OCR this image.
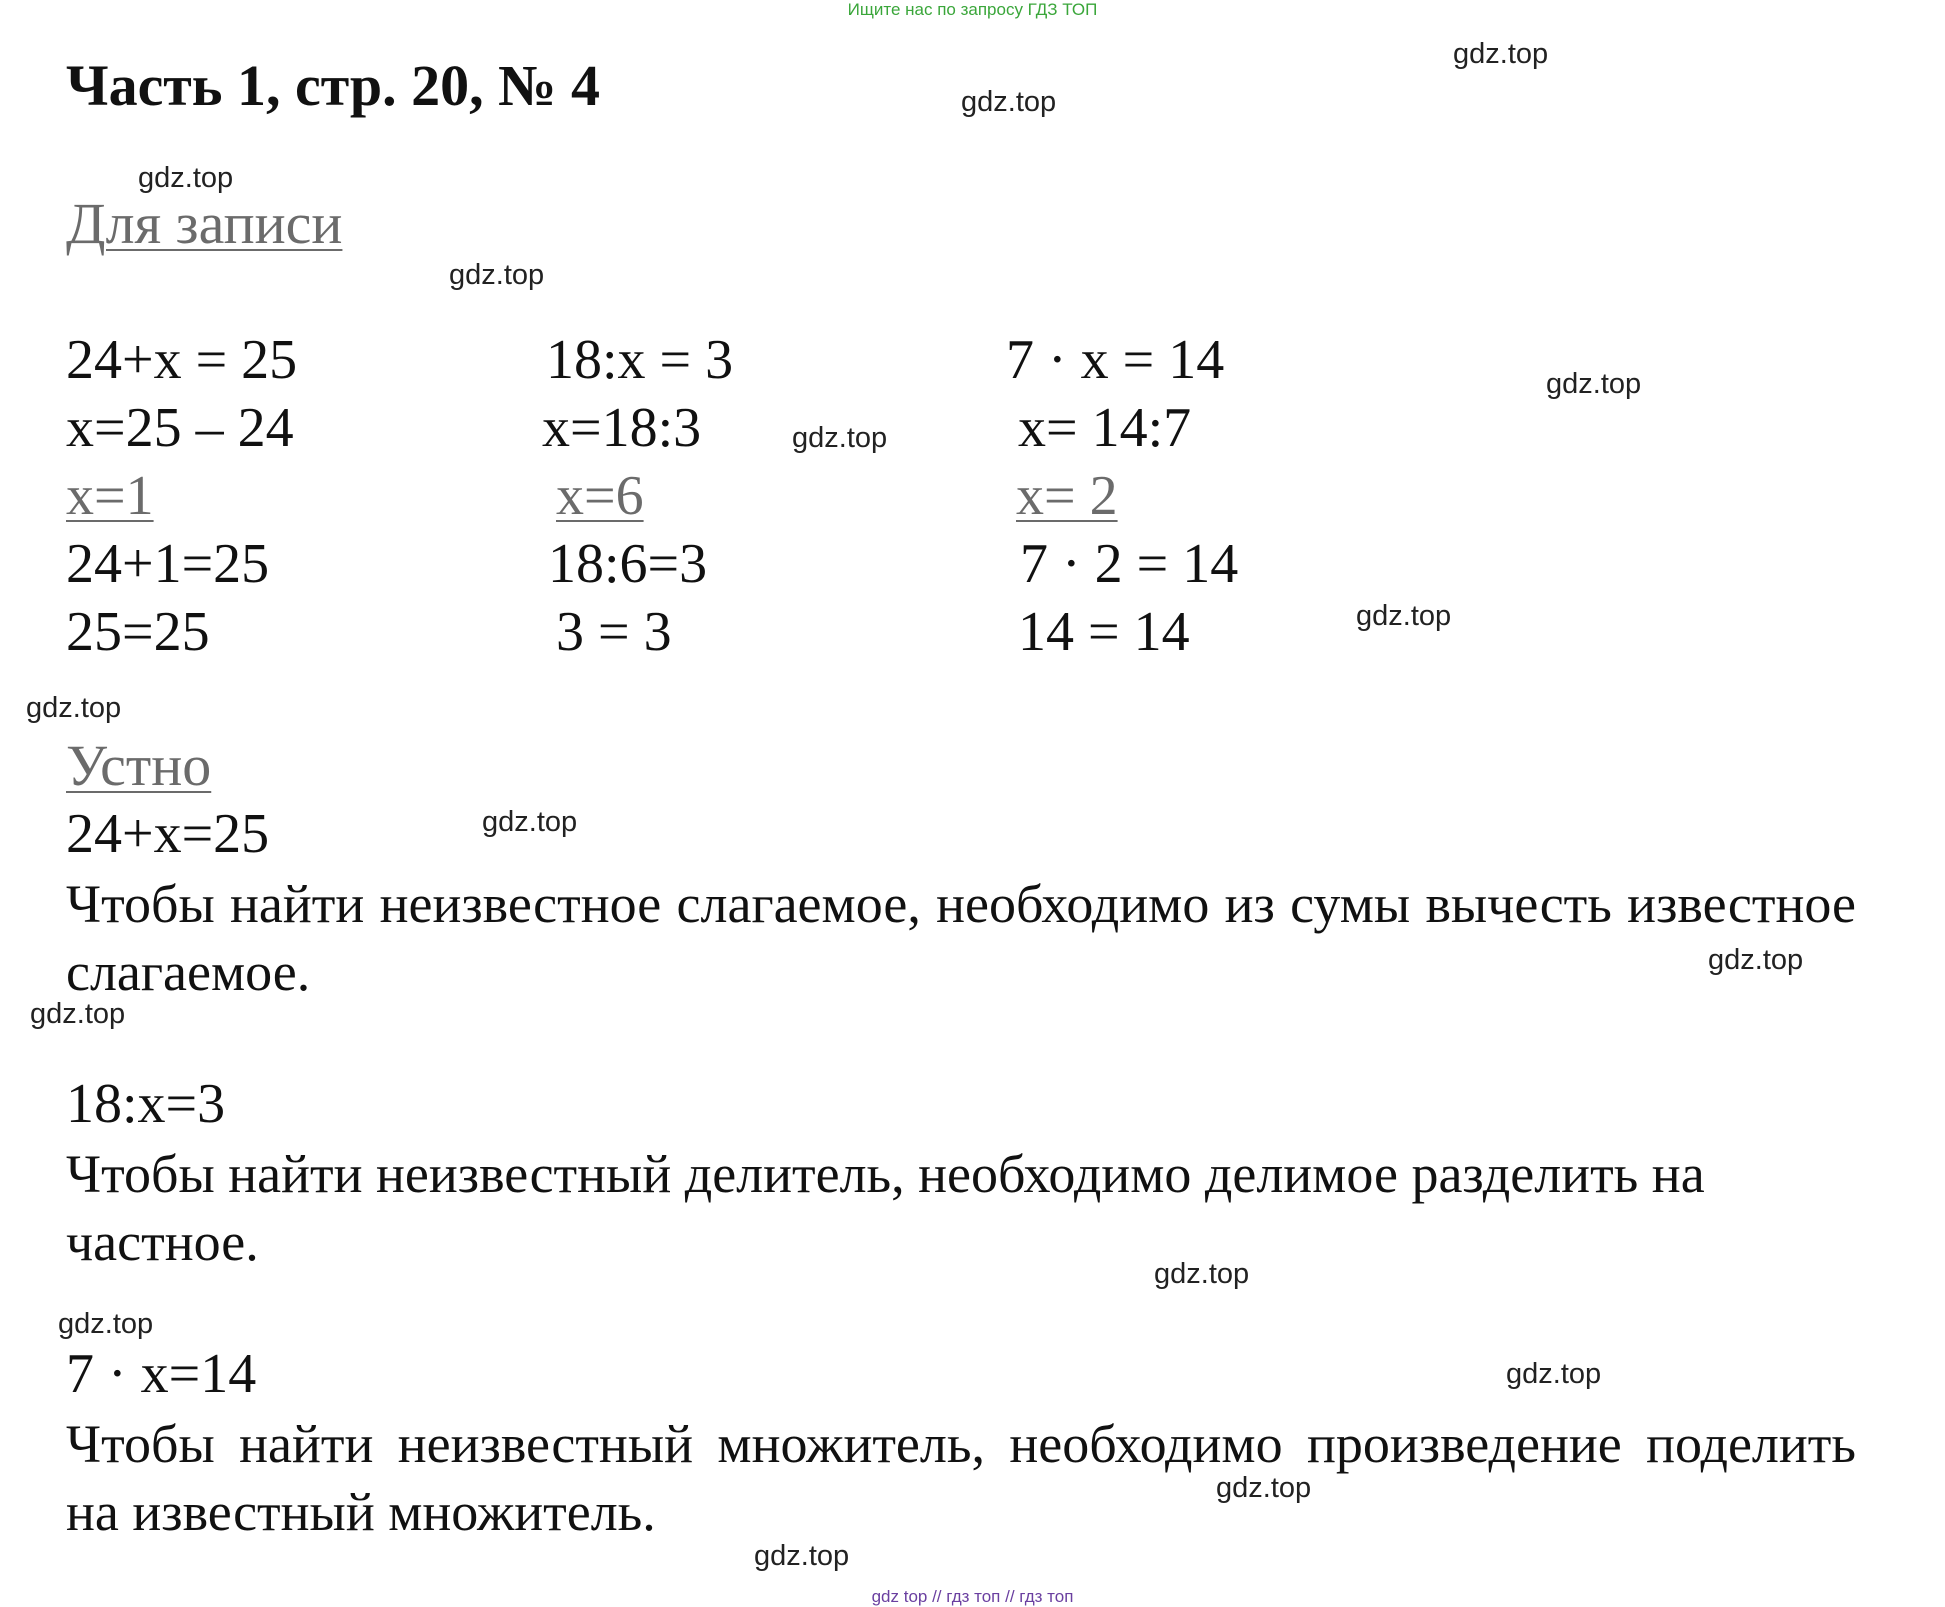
Ищите нас по запросу ГДЗ ТОП
Часть 1, стр. 20, № 4
Для записи
24+x = 25
x=25 – 24
x=1
24+1=25
25=25
18:x = 3
x=18:3
x=6
18:6=3
3 = 3
7 · x = 14
x= 14:7
x= 2
7 · 2 = 14
14 = 14
Устно
24+x=25
Чтобы найти неизвестное слагаемое, необходимо из сумы вычесть известное слагаемое.
18:x=3
Чтобы найти неизвестный делитель, необходимо делимое разделить на частное.
7 · x=14
Чтобы найти неизвестный множитель, необходимо произведение поделить на известный множитель.
gdz.top
gdz.top
gdz.top
gdz.top
gdz.top
gdz.top
gdz.top
gdz.top
gdz.top
gdz.top
gdz.top
gdz.top
gdz.top
gdz.top
gdz.top
gdz.top
gdz top // гдз топ // гдз топ
